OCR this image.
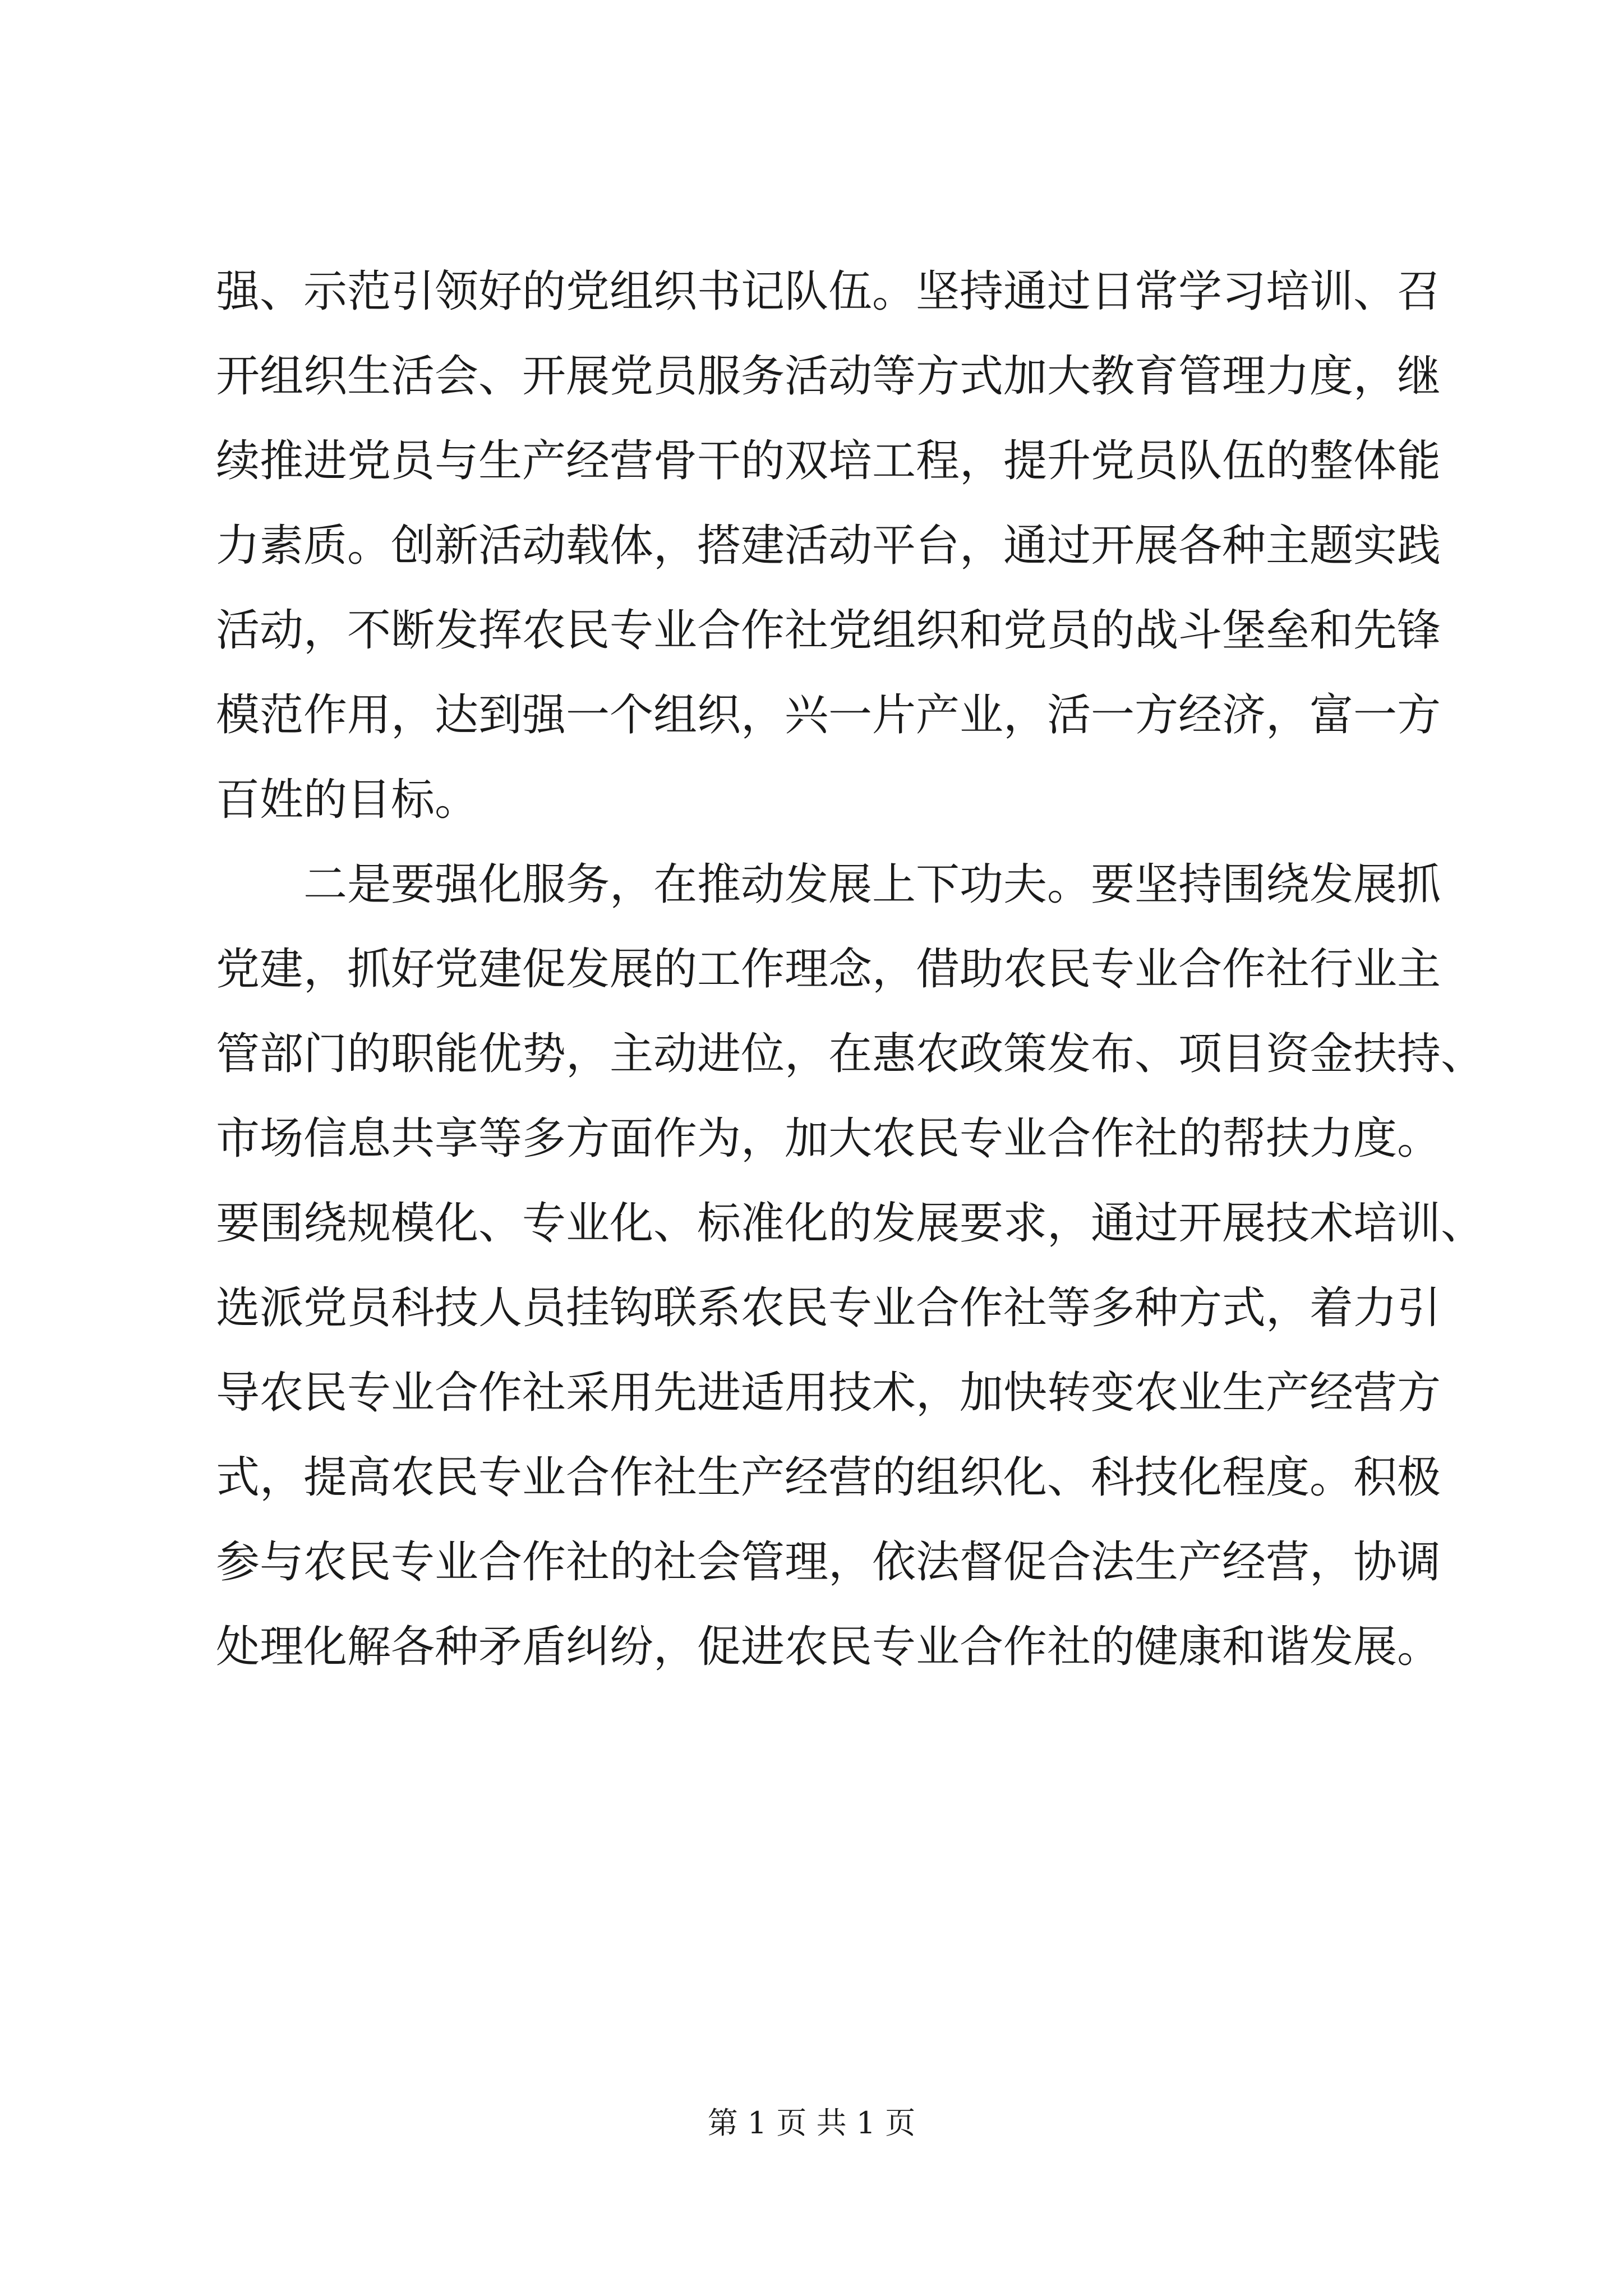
强、示范引领好的党组织书记队伍。坚持通过日常学习培训、召
开组织生活会、开展党员服务活动等方式加大教育管理力度，继
续推进党员与生产经营骨干的双培工程，提升党员队伍的整体能
力素质。创新活动载体，搭建活动平台，通过开展各种主题实践
活动，不断发挥农民专业合作社党组织和党员的战斗堡垒和先锋
模范作用，达到强一个组织，兴一片产业，活一方经济，富一方
百姓的目标。
二是要强化服务，在推动发展上下功夫。要坚持围绕发展抓
党建，抓好党建促发展的工作理念，借助农民专业合作社行业主
管部门的职能优势，主动进位，在惠农政策发布、项目资金扶持、
市场信息共享等多方面作为，加大农民专业合作社的帮扶力度。
要围绕规模化、专业化、标准化的发展要求，通过开展技术培训、
选派党员科技人员挂钩联系农民专业合作社等多种方式，着力引
导农民专业合作社采用先进适用技术，加快转变农业生产经营方
式，提高农民专业合作社生产经营的组织化、科技化程度。积极
参与农民专业合作社的社会管理，依法督促合法生产经营，协调
处理化解各种矛盾纠纷，促进农民专业合作社的健康和谐发展。
第 1 页 共 1 页
